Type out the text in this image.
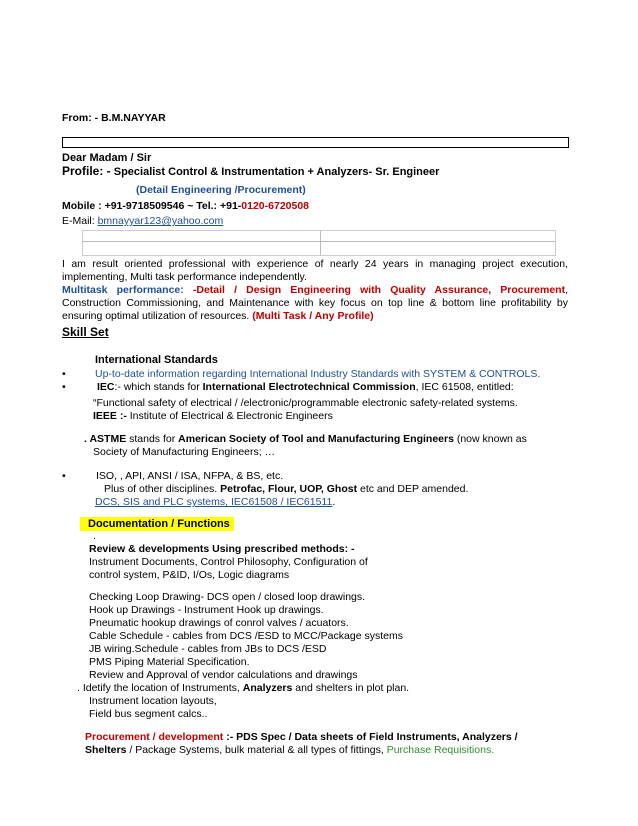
From: - B.M.NAYYAR
Dear Madam / Sir
Profile: - Specialist Control & Instrumentation + Analyzers- Sr. Engineer
(Detail Engineering /Procurement)
Mobile : +91-9718509546 ~ Tel.: +91-0120-6720508
E-Mail: bmnayyar123@yahoo.com
I am result oriented professional with experience of nearly 24 years in managing project execution, implementing, Multi task performance independently.
Multitask performance: -Detail / Design Engineering with Quality Assurance, Procurement, Construction Commissioning, and Maintenance with key focus on top line & bottom line profitability by ensuring optimal utilization of resources. (Multi Task / Any Profile)
Skill Set
International Standards
•	Up-to-date information regarding International Industry Standards with SYSTEM & CONTROLS.
•	IEC:- which stands for International Electrotechnical Commission, IEC 61508, entitled:
“Functional safety of electrical / /electronic/programmable electronic safety-related systems.
IEEE :- Institute of Electrical & Electronic Engineers
. ASTME stands for American Society of Tool and Manufacturing Engineers (now known as
Society of Manufacturing Engineers; …
•	ISO, , API, ANSI / ISA, NFPA, & BS, etc.
Plus of other disciplines. Petrofac, Flour, UOP, Ghost etc and DEP amended.
DCS, SIS and PLC systems, IEC61508 / IEC61511.
Documentation / Functions
.
Review & developments Using prescribed methods: -
Instrument Documents, Control Philosophy, Configuration of
control system, P&ID, I/Os, Logic diagrams
Checking Loop Drawing- DCS open / closed loop drawings.
Hook up Drawings - Instrument Hook up drawings.
Pneumatic hookup drawings of conrol valves / acuators.
Cable Schedule - cables from DCS /ESD to MCC/Package systems
JB wiring.Schedule - cables from JBs to DCS /ESD
PMS Piping Material Specification.
Review and Approval of vendor calculations and drawings
. Idetify the location of Instruments, Analyzers and shelters in plot plan.
Instrument location layouts,
Field bus segment calcs..
Procurement / development :- PDS Spec / Data sheets of Field Instruments, Analyzers /
Shelters / Package Systems, bulk material & all types of fittings, Purchase Requisitions.
